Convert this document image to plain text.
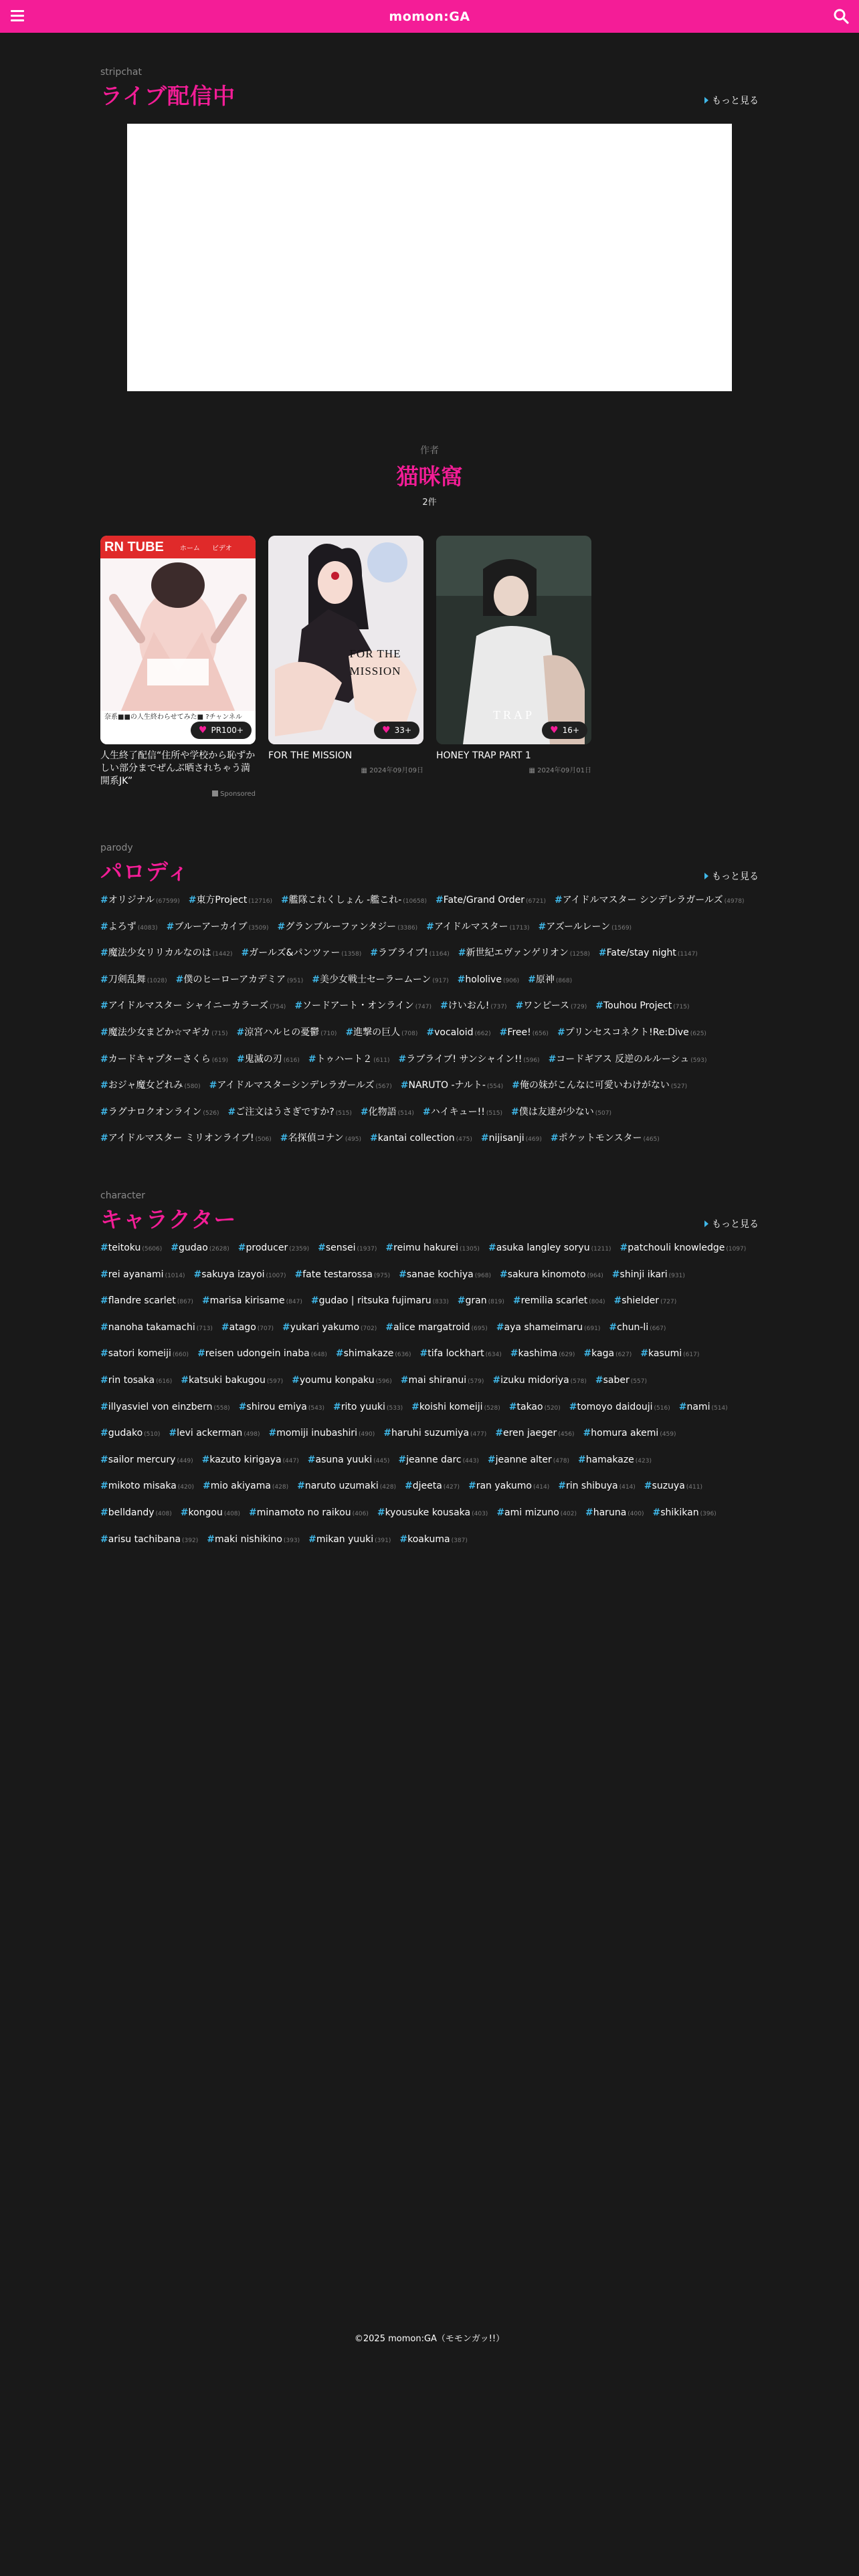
momon:GA
stripchat
ライブ配信中	もっと見る
作者
猫咪窩
2件
RN TUBE ホーム ビデオ
奈系■■の人生終わらせてみた■ ?チャンネル
♥ PR100+
人生終了配信“住所や学校から恥ずかしい部分までぜんぶ晒されちゃう満開系JK”
Sponsored
FOR THE MISSION
♥ 33+
FOR THE MISSION
▦ 2024年09月09日
TRAP
♥ 16+
HONEY TRAP PART 1
▦ 2024年09月01日
parody
パロディ	もっと見る
#オリジナル (67599) #東方Project (12716) #艦隊これくしょん -艦これ- (10658) #Fate/Grand Order (6721) #アイドルマスター シンデレラガールズ (4978)#よろず (4083) #ブルーアーカイブ (3509) #グランブルーファンタジー (3386) #アイドルマスター (1713) #アズールレーン (1569)#魔法少女リリカルなのは (1442) #ガールズ&パンツァー (1358) #ラブライブ! (1164) #新世紀エヴァンゲリオン (1258) #Fate/stay night (1147)#刀剣乱舞 (1028) #僕のヒーローアカデミア (951) #美少女戦士セーラームーン (917) #hololive (906) #原神 (868)#アイドルマスター シャイニーカラーズ (754) #ソードアート・オンライン (747) #けいおん! (737) #ワンピース (729) #Touhou Project (715)#魔法少女まどか☆マギカ (715) #涼宮ハルヒの憂鬱 (710) #進撃の巨人 (708) #vocaloid (662) #Free! (656) #プリンセスコネクト!Re:Dive (625)#カードキャプターさくら (619) #鬼滅の刃 (616) #トゥハート２ (611) #ラブライブ! サンシャイン!! (596) #コードギアス 反逆のルルーシュ (593)#おジャ魔女どれみ (580) #アイドルマスターシンデレラガールズ (567) #NARUTO -ナルト- (554) #俺の妹がこんなに可愛いわけがない (527)#ラグナロクオンライン (526) #ご注文はうさぎですか? (515) #化物語 (514) #ハイキュー!! (515) #僕は友達が少ない (507)#アイドルマスター ミリオンライブ! (506) #名探偵コナン (495) #kantai collection (475) #nijisanji (469) #ポケットモンスター (465)
character
キャラクター	もっと見る
#teitoku (5606) #gudao (2628) #producer (2359) #sensei (1937) #reimu hakurei (1305) #asuka langley soryu (1211) #patchouli knowledge (1097)#rei ayanami (1014) #sakuya izayoi (1007) #fate testarossa (975) #sanae kochiya (968) #sakura kinomoto (964) #shinji ikari (931)#flandre scarlet (867) #marisa kirisame (847) #gudao | ritsuka fujimaru (833) #gran (819) #remilia scarlet (804) #shielder (727)#nanoha takamachi (713) #atago (707) #yukari yakumo (702) #alice margatroid (695) #aya shameimaru (691) #chun-li (667)#satori komeiji (660) #reisen udongein inaba (648) #shimakaze (636) #tifa lockhart (634) #kashima (629) #kaga (627) #kasumi (617)#rin tosaka (616) #katsuki bakugou (597) #youmu konpaku (596) #mai shiranui (579) #izuku midoriya (578) #saber (557)#illyasviel von einzbern (558) #shirou emiya (543) #rito yuuki (533) #koishi komeiji (528) #takao (520) #tomoyo daidouji (516) #nami (514)#gudako (510) #levi ackerman (498) #momiji inubashiri (490) #haruhi suzumiya (477) #eren jaeger (456) #homura akemi (459)#sailor mercury (449) #kazuto kirigaya (447) #asuna yuuki (445) #jeanne darc (443) #jeanne alter (478) #hamakaze (423)#mikoto misaka (420) #mio akiyama (428) #naruto uzumaki (428) #djeeta (427) #ran yakumo (414) #rin shibuya (414) #suzuya (411)#belldandy (408) #kongou (408) #minamoto no raikou (406) #kyousuke kousaka (403) #ami mizuno (402) #haruna (400) #shikikan (396)#arisu tachibana (392) #maki nishikino (393) #mikan yuuki (391) #koakuma (387)
©2025 momon:GA（モモンガッ!!）
